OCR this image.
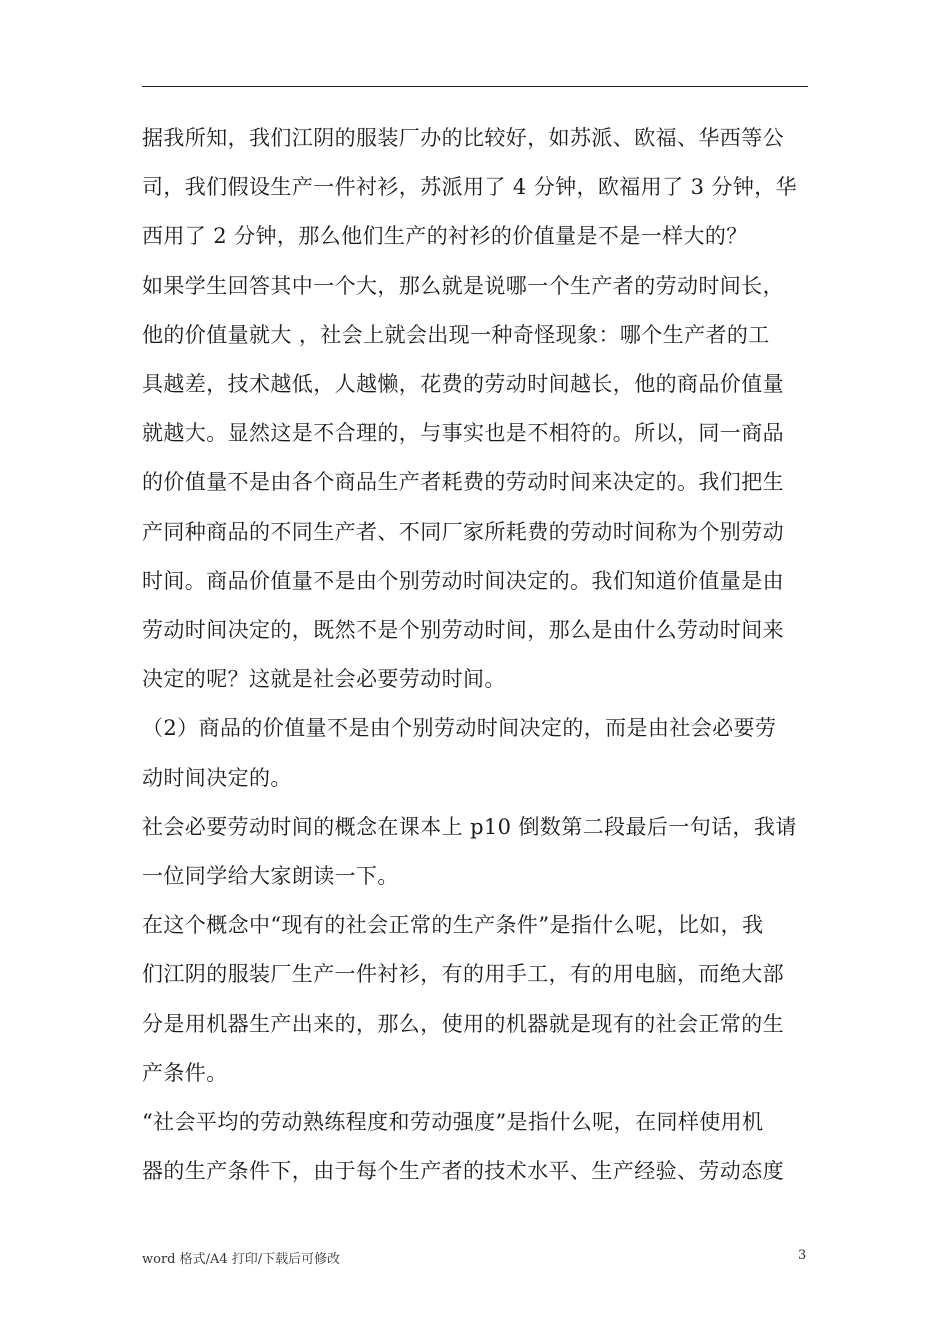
据我所知，我们江阴的服装厂办的比较好，如苏派、欧福、华西等公
司，我们假设生产一件衬衫，苏派用了 4 分钟，欧福用了 3 分钟，华
西用了 2 分钟，那么他们生产的衬衫的价值量是不是一样大的？

如果学生回答其中一个大，那么就是说哪一个生产者的劳动时间长，
他的价值量就大 ，社会上就会出现一种奇怪现象：哪个生产者的工
具越差，技术越低，人越懒，花费的劳动时间越长，他的商品价值量
就越大。显然这是不合理的，与事实也是不相符的。所以，同一商品
的价值量不是由各个商品生产者耗费的劳动时间来决定的。我们把生
产同种商品的不同生产者、不同厂家所耗费的劳动时间称为个别劳动
时间。商品价值量不是由个别劳动时间决定的。我们知道价值量是由
劳动时间决定的，既然不是个别劳动时间，那么是由什么劳动时间来
决定的呢？这就是社会必要劳动时间。

（2）商品的价值量不是由个别劳动时间决定的，而是由社会必要劳
动时间决定的。

社会必要劳动时间的概念在课本上 p10 倒数第二段最后一句话，我请
一位同学给大家朗读一下。

在这个概念中“现有的社会正常的生产条件”是指什么呢，比如，我
们江阴的服装厂生产一件衬衫，有的用手工，有的用电脑，而绝大部
分是用机器生产出来的，那么，使用的机器就是现有的社会正常的生
产条件。

“社会平均的劳动熟练程度和劳动强度”是指什么呢，在同样使用机
器的生产条件下，由于每个生产者的技术水平、生产经验、劳动态度

word 格式/A4 打印/下载后可修改	3
